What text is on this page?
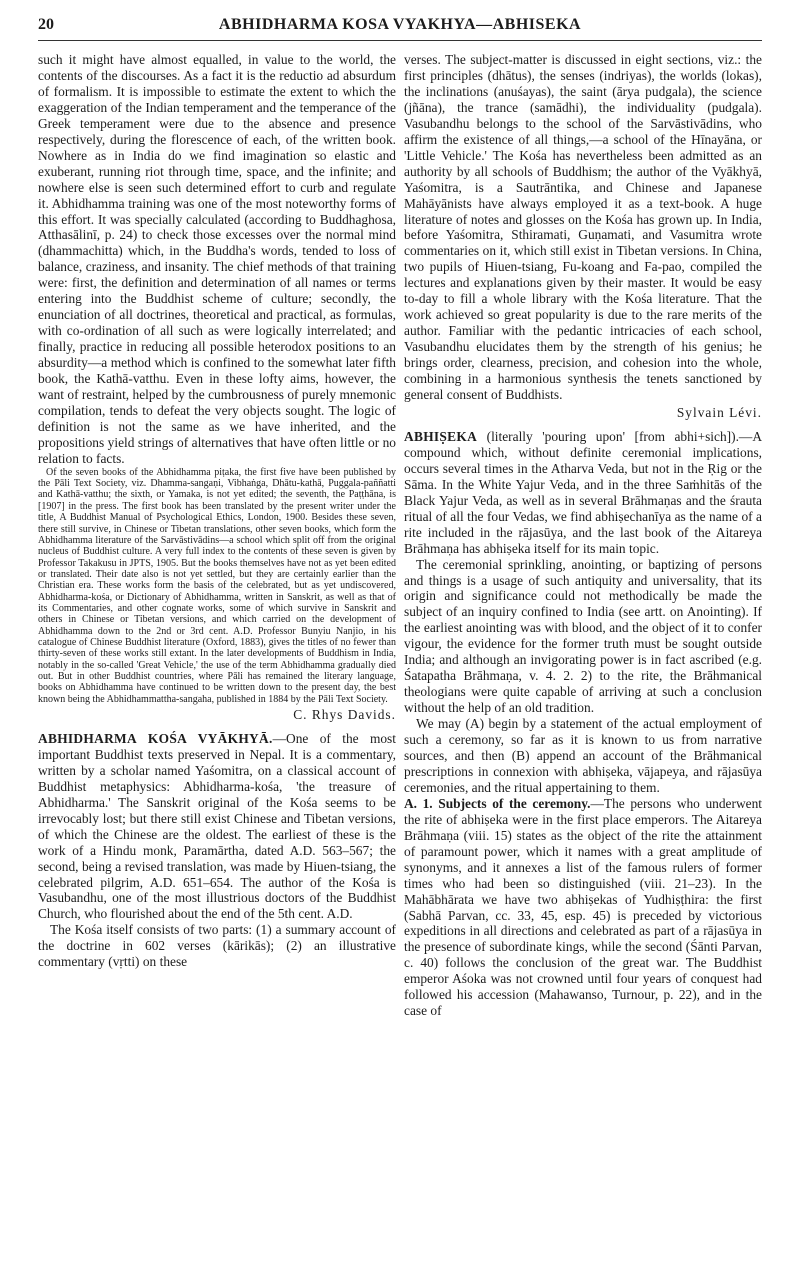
20	ABHIDHARMA KOSA VYAKHYA—ABHISEKA

such it might have almost equalled, in value to the world, the contents of the discourses. As a fact it is the reductio ad absurdum of formalism. It is impossible to estimate the extent to which the exaggeration of the Indian temperament and the temperance of the Greek temperament were due to the absence and presence respectively, during the florescence of each, of the written book. Nowhere as in India do we find imagination so elastic and exuberant, running riot through time, space, and the infinite; and nowhere else is seen such determined effort to curb and regulate it. Abhidhamma training was one of the most noteworthy forms of this effort. It was specially calculated (according to Buddhaghosa, Atthasālinī, p. 24) to check those excesses over the normal mind (dhammachitta) which, in the Buddha's words, tended to loss of balance, craziness, and insanity. The chief methods of that training were: first, the definition and determination of all names or terms entering into the Buddhist scheme of culture; secondly, the enunciation of all doctrines, theoretical and practical, as formulas, with co-ordination of all such as were logically interrelated; and finally, practice in reducing all possible heterodox positions to an absurdity—a method which is confined to the somewhat later fifth book, the Kathā-vatthu. Even in these lofty aims, however, the want of restraint, helped by the cumbrousness of purely mnemonic compilation, tends to defeat the very objects sought. The logic of definition is not the same as we have inherited, and the propositions yield strings of alternatives that have often little or no relation to facts.

Of the seven books of the Abhidhamma piṭaka, the first five have been published by the Pāli Text Society, viz. Dhamma-sangaṇi, Vibhaṅga, Dhātu-kathā, Puggala-paññatti and Kathā-vatthu; the sixth, or Yamaka, is not yet edited; the seventh, the Paṭṭhāna, is [1907] in the press. The first book has been translated by the present writer under the title, A Buddhist Manual of Psychological Ethics, London, 1900. Besides these seven, there still survive, in Chinese or Tibetan translations, other seven books, which form the Abhidhamma literature of the Sarvāstivādins—a school which split off from the original nucleus of Buddhist culture. A very full index to the contents of these seven is given by Professor Takakusu in JPTS, 1905. But the books themselves have not as yet been edited or translated. Their date also is not yet settled, but they are certainly earlier than the Christian era. These works form the basis of the celebrated, but as yet undiscovered, Abhidharma-kośa, or Dictionary of Abhidhamma, written in Sanskrit, as well as that of its Commentaries, and other cognate works, some of which survive in Sanskrit and others in Chinese or Tibetan versions, and which carried on the development of Abhidhamma down to the 2nd or 3rd cent. A.D. Professor Bunyiu Nanjio, in his catalogue of Chinese Buddhist literature (Oxford, 1883), gives the titles of no fewer than thirty-seven of these works still extant. In the later developments of Buddhism in India, notably in the so-called 'Great Vehicle,' the use of the term Abhidhamma gradually died out. But in other Buddhist countries, where Pāli has remained the literary language, books on Abhidhamma have continued to be written down to the present day, the best known being the Abhidhammattha-sangaha, published in 1884 by the Pāli Text Society.

C. Rhys Davids.

ABHIDHARMA KOŚA VYĀKHYĀ.—One of the most important Buddhist texts preserved in Nepal. It is a commentary, written by a scholar named Yaśomitra, on a classical account of Buddhist metaphysics: Abhidharma-kośa, 'the treasure of Abhidharma.' The Sanskrit original of the Kośa seems to be irrevocably lost; but there still exist Chinese and Tibetan versions, of which the Chinese are the oldest. The earliest of these is the work of a Hindu monk, Paramārtha, dated A.D. 563–567; the second, being a revised translation, was made by Hiuen-tsiang, the celebrated pilgrim, A.D. 651–654. The author of the Kośa is Vasubandhu, one of the most illustrious doctors of the Buddhist Church, who flourished about the end of the 5th cent. A.D.

The Kośa itself consists of two parts: (1) a summary account of the doctrine in 602 verses (kārikās); (2) an illustrative commentary (vṛtti) on these

verses. The subject-matter is discussed in eight sections, viz.: the first principles (dhātus), the senses (indriyas), the worlds (lokas), the inclinations (anuśayas), the saint (ārya pudgala), the science (jñāna), the trance (samādhi), the individuality (pudgala). Vasubandhu belongs to the school of the Sarvāstivādins, who affirm the existence of all things,—a school of the Hīnayāna, or 'Little Vehicle.' The Kośa has nevertheless been admitted as an authority by all schools of Buddhism; the author of the Vyākhyā, Yaśomitra, is a Sautrāntika, and Chinese and Japanese Mahāyānists have always employed it as a text-book. A huge literature of notes and glosses on the Kośa has grown up. In India, before Yaśomitra, Sthiramati, Guṇamati, and Vasumitra wrote commentaries on it, which still exist in Tibetan versions. In China, two pupils of Hiuen-tsiang, Fu-koang and Fa-pao, compiled the lectures and explanations given by their master. It would be easy to-day to fill a whole library with the Kośa literature. That the work achieved so great popularity is due to the rare merits of the author. Familiar with the pedantic intricacies of each school, Vasubandhu elucidates them by the strength of his genius; he brings order, clearness, precision, and cohesion into the whole, combining in a harmonious synthesis the tenets sanctioned by general consent of Buddhists.

Sylvain Lévi.

ABHIṢEKA (literally 'pouring upon' [from abhi+sich]).—A compound which, without definite ceremonial implications, occurs several times in the Atharva Veda, but not in the Ṛig or the Sāma. In the White Yajur Veda, and in the three Saṁhitās of the Black Yajur Veda, as well as in several Brāhmaṇas and the śrauta ritual of all the four Vedas, we find abhiṣechanīya as the name of a rite included in the rājasūya, and the last book of the Aitareya Brāhmaṇa has abhiṣeka itself for its main topic.

The ceremonial sprinkling, anointing, or baptizing of persons and things is a usage of such antiquity and universality, that its origin and significance could not methodically be made the subject of an inquiry confined to India (see artt. on Anointing). If the earliest anointing was with blood, and the object of it to confer vigour, the evidence for the former truth must be sought outside India; and although an invigorating power is in fact ascribed (e.g. Śatapatha Brāhmaṇa, v. 4. 2. 2) to the rite, the Brāhmanical theologians were quite capable of arriving at such a conclusion without the help of an old tradition.

We may (A) begin by a statement of the actual employment of such a ceremony, so far as it is known to us from narrative sources, and then (B) append an account of the Brāhmanical prescriptions in connexion with abhiṣeka, vājapeya, and rājasūya ceremonies, and the ritual appertaining to them.

A. 1. Subjects of the ceremony.—The persons who underwent the rite of abhiṣeka were in the first place emperors. The Aitareya Brāhmaṇa (viii. 15) states as the object of the rite the attainment of paramount power, which it names with a great amplitude of synonyms, and it annexes a list of the famous rulers of former times who had been so distinguished (viii. 21–23). In the Mahābhārata we have two abhiṣekas of Yudhiṣṭhira: the first (Sabhā Parvan, cc. 33, 45, esp. 45) is preceded by victorious expeditions in all directions and celebrated as part of a rājasūya in the presence of subordinate kings, while the second (Śānti Parvan, c. 40) follows the conclusion of the great war. The Buddhist emperor Aśoka was not crowned until four years of conquest had followed his accession (Mahawanso, Turnour, p. 22), and in the case of
